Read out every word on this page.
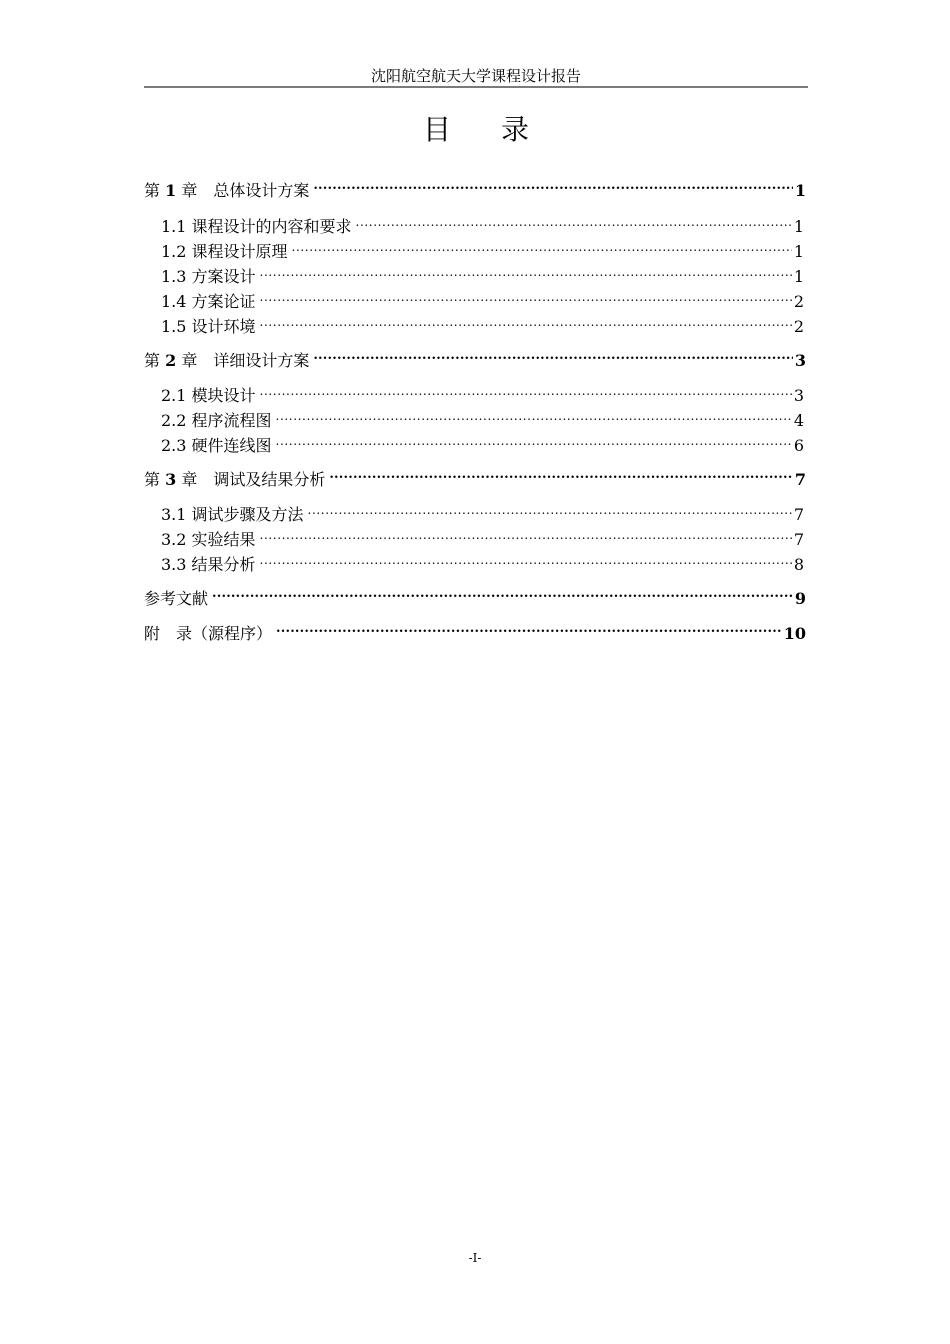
沈阳航空航天大学课程设计报告
目录
第 1 章　总体设计方案 .....	1
1.1 课程设计的内容和要求 .....	1
1.2 课程设计原理 .....	1
1.3 方案设计 .....	1
1.4 方案论证 .....	2
1.5 设计环境 .....	2
第 2 章　详细设计方案 .....	3
2.1 模块设计 .....	3
2.2 程序流程图 .....	4
2.3 硬件连线图 .....	6
第 3 章　调试及结果分析 .....	7
3.1 调试步骤及方法 .....	7
3.2 实验结果 .....	7
3.3 结果分析 .....	8
参考文献 .....	9
附　录（源程序） .....	10
-I-
